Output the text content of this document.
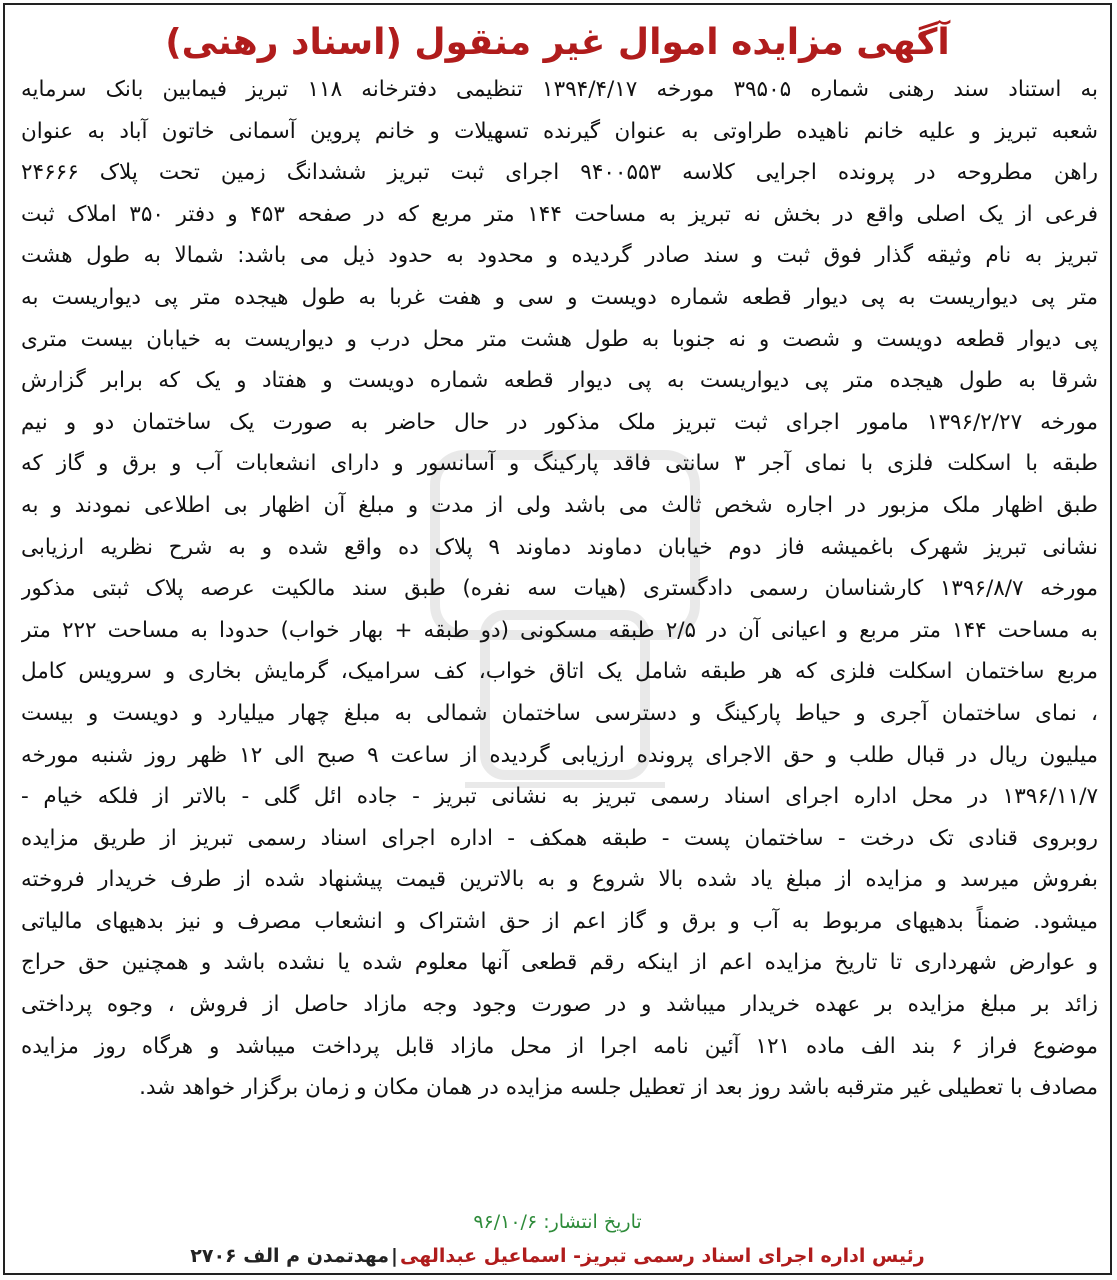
آگهی مزایده اموال غیر منقول (اسناد رهنی)
به استناد سند رهنی شماره ۳۹۵۰۵ مورخه ۱۳۹۴/۴/۱۷ تنظیمی دفترخانه ۱۱۸ تبریز فیمابین بانک سرمایه
شعبه تبریز و علیه خانم ناهیده طراوتی به عنوان گیرنده تسهیلات و خانم پروین آسمانی خاتون آباد به عنوان
راهن مطروحه در پرونده اجرایی کلاسه ۹۴۰۰۵۵۳ اجرای ثبت تبریز ششدانگ زمین تحت پلاک ۲۴۶۶۶
فرعی از یک اصلی واقع در بخش نه تبریز به مساحت ۱۴۴ متر مربع که در صفحه ۴۵۳ و دفتر ۳۵۰ املاک ثبت
تبریز به نام وثیقه گذار فوق ثبت و سند صادر گردیده و محدود به حدود ذیل می باشد: شمالا به طول هشت
متر پی دیواریست به پی دیوار قطعه شماره دویست و سی و هفت غربا به طول هیجده متر پی دیواریست به
پی دیوار قطعه دویست و شصت و نه جنوبا به طول هشت متر محل درب و دیواریست به خیابان بیست متری
شرقا به طول هیجده متر پی دیواریست به پی دیوار قطعه شماره دویست و هفتاد و یک که برابر گزارش
مورخه ۱۳۹۶/۲/۲۷ مامور اجرای ثبت تبریز ملک مذکور در حال حاضر به صورت یک ساختمان دو و نیم
طبقه با اسکلت فلزی با نمای آجر ۳ سانتی فاقد پارکینگ و آسانسور و دارای انشعابات آب و برق و گاز که
طبق اظهار ملک مزبور در اجاره شخص ثالث می باشد ولی از مدت و مبلغ آن اظهار بی اطلاعی نمودند و به
نشانی تبریز شهرک باغمیشه فاز دوم خیابان دماوند دماوند ۹ پلاک ده واقع شده و به شرح نظریه ارزیابی
مورخه ۱۳۹۶/۸/۷ کارشناسان رسمی دادگستری (هیات سه نفره) طبق سند مالکیت عرصه پلاک ثبتی مذکور
به مساحت ۱۴۴ متر مربع و اعیانی آن در ۲/۵ طبقه مسکونی (دو طبقه + بهار خواب) حدودا به مساحت ۲۲۲ متر
مربع ساختمان اسکلت فلزی که هر طبقه شامل یک اتاق خواب، کف سرامیک، گرمایش بخاری و سرویس کامل
، نمای ساختمان آجری و حیاط پارکینگ و دسترسی ساختمان شمالی به مبلغ چهار میلیارد و دویست و بیست
میلیون ریال در قبال طلب و حق الاجرای پرونده ارزیابی گردیده از ساعت ۹ صبح الی ۱۲ ظهر روز شنبه مورخه
۱۳۹۶/۱۱/۷ در محل اداره اجرای اسناد رسمی تبریز به نشانی تبریز - جاده ائل گلی - بالاتر از فلکه خیام -
روبروی قنادی تک درخت - ساختمان پست - طبقه همکف - اداره اجرای اسناد رسمی تبریز از طریق مزایده
بفروش میرسد و مزایده از مبلغ یاد شده بالا شروع و به بالاترین قیمت پیشنهاد شده از طرف خریدار فروخته
میشود. ضمناً بدهیهای مربوط به آب و برق و گاز اعم از حق اشتراک و انشعاب مصرف و نیز بدهیهای مالیاتی
و عوارض شهرداری تا تاریخ مزایده اعم از اینکه رقم قطعی آنها معلوم شده یا نشده باشد و همچنین حق حراج
زائد بر مبلغ مزایده بر عهده خریدار میباشد و در صورت وجود وجه مازاد حاصل از فروش ، وجوه پرداختی
موضوع فراز ۶ بند الف ماده ۱۲۱ آئین نامه اجرا از محل مازاد قابل پرداخت میباشد و هرگاه روز مزایده
مصادف با تعطیلی غیر مترقبه باشد روز بعد از تعطیل جلسه مزایده در همان مکان و زمان برگزار خواهد شد.
تاریخ انتشار: ۹۶/۱۰/۶
رئیس اداره اجرای اسناد رسمی تبریز- اسماعیل عبدالهی|مهدتمدن م الف ۲۷۰۶
